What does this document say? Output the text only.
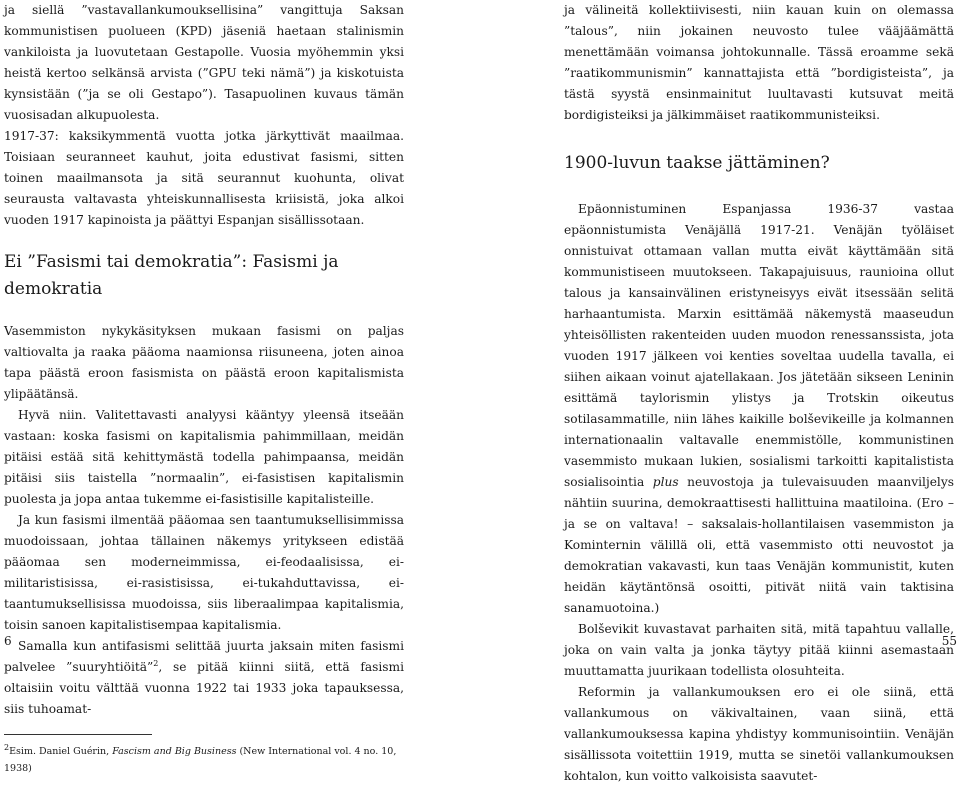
ja siellä ”vastavallankumouksellisina” vangittuja Saksan kommunistisen puolueen (KPD) jäseniä haetaan stalinismin vankiloista ja luovutetaan Gestapolle. Vuosia myöhemmin yksi heistä kertoo selkänsä arvista (”GPU teki nämä”) ja kiskotuista kynsistään (”ja se oli Gestapo”). Tasapuolinen kuvaus tämän vuosisadan alkupuolesta.

1917-37: kaksikymmentä vuotta jotka järkyttivät maailmaa. Toisiaan seuranneet kauhut, joita edustivat fasismi, sitten toinen maailmansota ja sitä seurannut kuohunta, olivat seurausta valtavasta yhteiskunnallisesta kriisistä, joka alkoi vuoden 1917 kapinoista ja päättyi Espanjan sisällissotaan.

Ei ”Fasismi tai demokratia”: Fasismi ja demokratia

Vasemmiston nykykäsityksen mukaan fasismi on paljas valtiovalta ja raaka pääoma naamionsa riisuneena, joten ainoa tapa päästä eroon fasismista on päästä eroon kapitalismista ylipäätänsä.

Hyvä niin. Valitettavasti analyysi kääntyy yleensä itseään vastaan: koska fasismi on kapitalismia pahimmillaan, meidän pitäisi estää sitä kehittymästä todella pahimpaansa, meidän pitäisi siis taistella ”normaalin”, ei-fasistisen kapitalismin puolesta ja jopa antaa tukemme ei-fasistisille kapitalisteille.

Ja kun fasismi ilmentää pääomaa sen taantumuksellisimmissa muodoissaan, johtaa tällainen näkemys yritykseen edistää pääomaa sen moderneimmissa, ei-feodaalisissa, ei-militaristisissa, ei-rasistisissa, ei-tukahduttavissa, ei-taantumuksellisissa muodoissa, siis liberaalimpaa kapitalismia, toisin sanoen kapitalistisempaa kapitalismia.

Samalla kun antifasismi selittää juurta jaksain miten fasismi palvelee ”suuryhtiöitä”$^2$, se pitää kiinni siitä, että fasismi oltaisiin voitu välttää vuonna 1922 tai 1933 joka tapauksessa, siis tuhoamat-

$^2$Esim. Daniel Guérin, Fascism and Big Business (New International vol. 4 no. 10, 1938)
6

ja välineitä kollektiivisesti, niin kauan kuin on olemassa ”talous”, niin jokainen neuvosto tulee vääjäämättä menettämään voimansa johtokunnalle. Tässä eroamme sekä ”raatikommunismin” kannattajista että ”bordigisteista”, ja tästä syystä ensinmainitut luultavasti kutsuvat meitä bordigisteiksi ja jälkimmäiset raatikommunisteiksi.

1900-luvun taakse jättäminen?

Epäonnistuminen Espanjassa 1936-37 vastaa epäonnistumista Venäjällä 1917-21. Venäjän työläiset onnistuivat ottamaan vallan mutta eivät käyttämään sitä kommunistiseen muutokseen. Takapajuisuus, raunioina ollut talous ja kansainvälinen eristyneisyys eivät itsessään selitä harhaantumista. Marxin esittämää näkemystä maaseudun yhteisöllisten rakenteiden uuden muodon renessanssista, jota vuoden 1917 jälkeen voi kenties soveltaa uudella tavalla, ei siihen aikaan voinut ajatellakaan. Jos jätetään sikseen Leninin esittämä taylorismin ylistys ja Trotskin oikeutus sotilasammatille, niin lähes kaikille bolševikeille ja kolmannen internationaalin valtavalle enemmistölle, kommunistinen vasemmisto mukaan lukien, sosialismi tarkoitti kapitalistista sosialisointia plus neuvostoja ja tulevaisuuden maanviljelys nähtiin suurina, demokraattisesti hallittuina maatiloina. (Ero – ja se on valtava! – saksalais-hollantilaisen vasemmiston ja Kominternin välillä oli, että vasemmisto otti neuvostot ja demokratian vakavasti, kun taas Venäjän kommunistit, kuten heidän käytäntönsä osoitti, pitivät niitä vain taktisina sanamuotoina.)

Bolševikit kuvastavat parhaiten sitä, mitä tapahtuu vallalle, joka on vain valta ja jonka täytyy pitää kiinni asemastaan muuttamatta juurikaan todellista olosuhteita.

Reformin ja vallankumouksen ero ei ole siinä, että vallankumous on väkivaltainen, vaan siinä, että vallankumouksessa kapina yhdistyy kommunisointiin. Venäjän sisällissota voitettiin 1919, mutta se sinetöi vallankumouksen kohtalon, kun voitto valkoisista saavutet-

55
